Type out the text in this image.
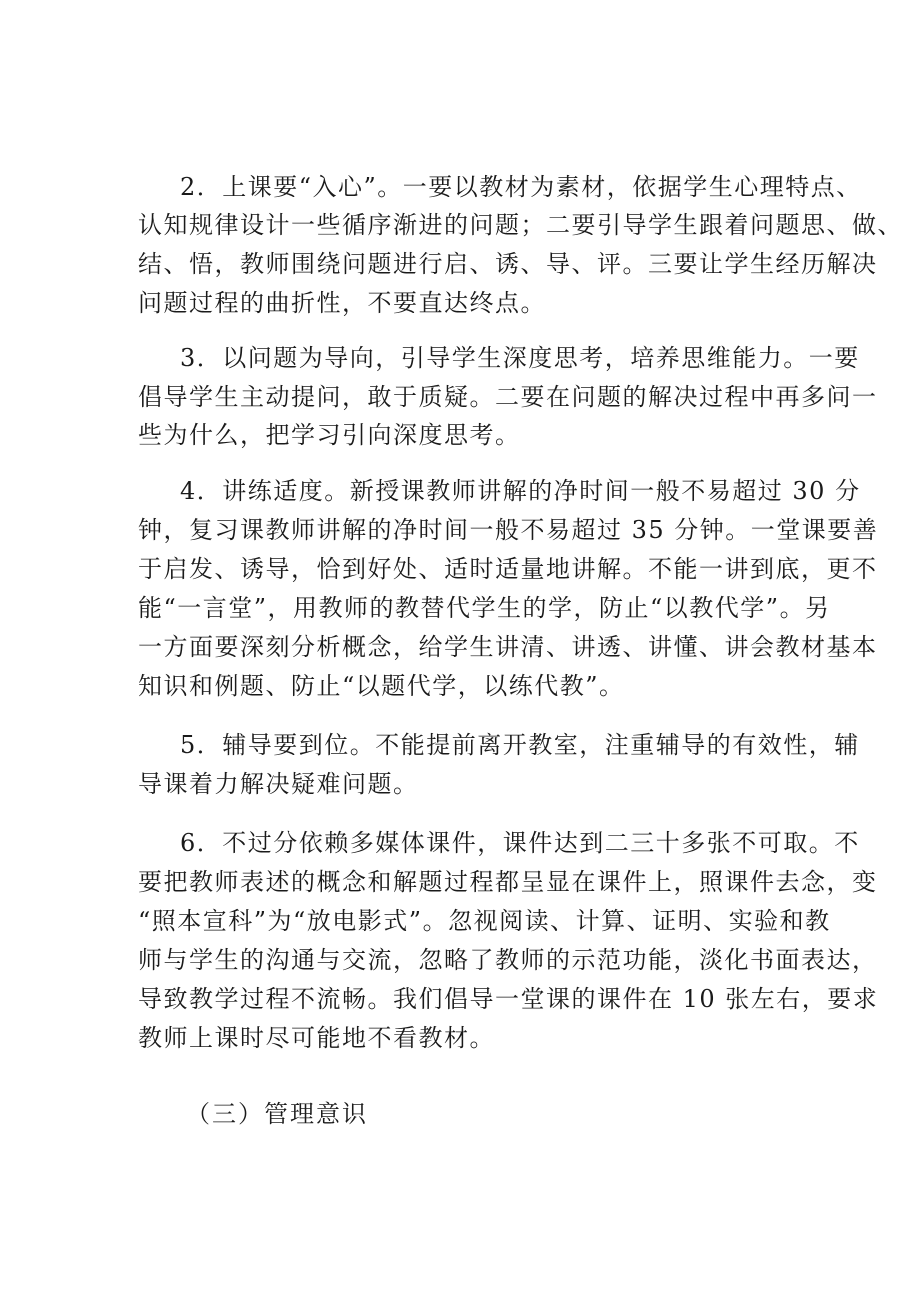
2．上课要“入心”。一要以教材为素材，依据学生心理特点、
认知规律设计一些循序渐进的问题；二要引导学生跟着问题思、做、
结、悟，教师围绕问题进行启、诱、导、评。三要让学生经历解决
问题过程的曲折性，不要直达终点。
3．以问题为导向，引导学生深度思考，培养思维能力。一要
倡导学生主动提问，敢于质疑。二要在问题的解决过程中再多问一
些为什么，把学习引向深度思考。
4．讲练适度。新授课教师讲解的净时间一般不易超过 30 分
钟，复习课教师讲解的净时间一般不易超过 35 分钟。一堂课要善
于启发、诱导，恰到好处、适时适量地讲解。不能一讲到底，更不
能“一言堂”，用教师的教替代学生的学，防止“以教代学”。另
一方面要深刻分析概念，给学生讲清、讲透、讲懂、讲会教材基本
知识和例题、防止“以题代学，以练代教”。
5．辅导要到位。不能提前离开教室，注重辅导的有效性，辅
导课着力解决疑难问题。
6．不过分依赖多媒体课件，课件达到二三十多张不可取。不
要把教师表述的概念和解题过程都呈显在课件上，照课件去念，变
“照本宣科”为“放电影式”。忽视阅读、计算、证明、实验和教
师与学生的沟通与交流，忽略了教师的示范功能，淡化书面表达，
导致教学过程不流畅。我们倡导一堂课的课件在 10 张左右，要求
教师上课时尽可能地不看教材。
（三）管理意识
